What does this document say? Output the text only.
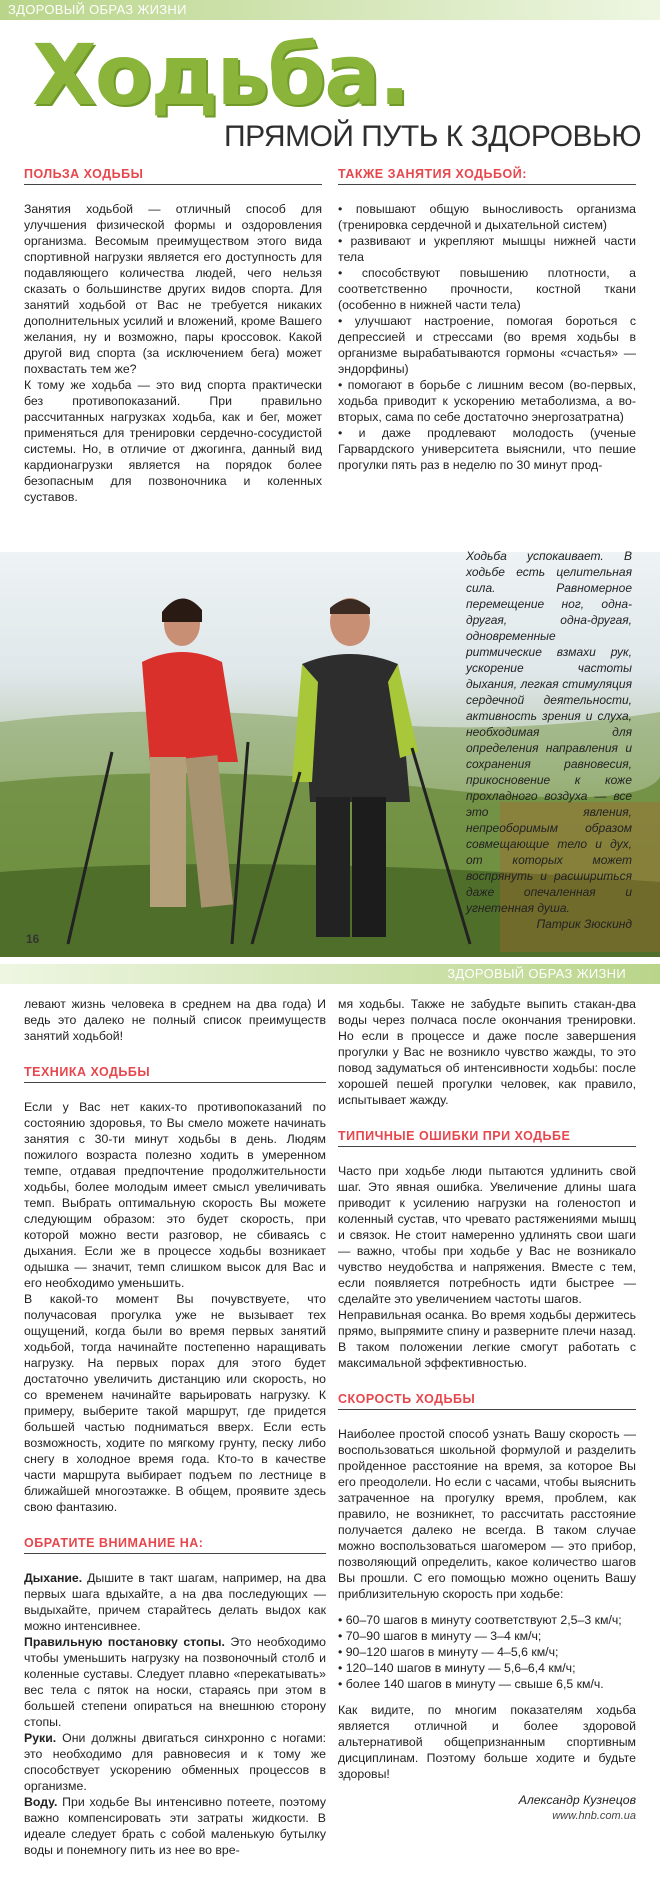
ЗДОРОВЫЙ ОБРАЗ ЖИЗНИ
Ходьба.
ПРЯМОЙ ПУТЬ К ЗДОРОВЬЮ
ПОЛЬЗА ХОДЬБЫ

Занятия ходьбой — отличный способ для улучшения физической формы и оздоровления организма. Весомым преимуществом этого вида спортивной нагрузки является его доступность для подавляющего количества людей, чего нельзя сказать о большинстве других видов спорта. Для занятий ходьбой от Вас не требуется никаких дополнительных усилий и вложений, кроме Вашего желания, ну и возможно, пары кроссовок. Какой другой вид спорта (за исключением бега) может похвастать тем же?

К тому же ходьба — это вид спорта практически без противопоказаний. При правильно рассчитанных нагрузках ходьба, как и бег, может применяться для тренировки сердечно-сосудистой системы. Но, в отличие от джогинга, данный вид кардионагрузки является на порядок более безопасным для позвоночника и коленных суставов.

ТАКЖЕ ЗАНЯТИЯ ХОДЬБОЙ:
• повышают общую выносливость организма (тренировка сердечной и дыхательной систем)
• развивают и укрепляют мышцы нижней части тела
• способствуют повышению плотности, а соответственно прочности, костной ткани (особенно в нижней части тела)
• улучшают настроение, помогая бороться с депрессией и стрессами (во время ходьбы в организме вырабатываются гормоны «счастья» — эндорфины)
• помогают в борьбе с лишним весом (во-первых, ходьба приводит к ускорению метаболизма, а во-вторых, сама по себе достаточно энергозатратна)
• и даже продлевают молодость (ученые Гарвардского университета выяснили, что пешие прогулки пять раз в неделю по 30 минут прод-
Ходьба успокаивает. В ходьбе есть целительная сила. Равномерное перемещение ног, одна-другая, одна-другая, одновременные ритмические взмахи рук, ускорение частоты дыхания, легкая стимуляция сердечной деятельности, активность зрения и слуха, необходимая для определения направления и сохранения равновесия, прикосновение к коже прохладного воздуха — все это явления, непреоборимым образом совмещающие тело и дух, от которых может воспрянуть и расшириться даже опечаленная и угнетенная душа.
Патрик Зюскинд
16
ЗДОРОВЫЙ ОБРАЗ ЖИЗНИ

левают жизнь человека в среднем на два года) И ведь это далеко не полный список преимуществ занятий ходьбой!

ТЕХНИКА ХОДЬБЫ

Если у Вас нет каких-то противопоказаний по состоянию здоровья, то Вы смело можете начинать занятия с 30-ти минут ходьбы в день. Людям пожилого возраста полезно ходить в умеренном темпе, отдавая предпочтение продолжительности ходьбы, более молодым имеет смысл увеличивать темп. Выбрать оптимальную скорость Вы можете следующим образом: это будет скорость, при которой можно вести разговор, не сбиваясь с дыхания. Если же в процессе ходьбы возникает одышка — значит, темп слишком высок для Вас и его необходимо уменьшить.

В какой-то момент Вы почувствуете, что получасовая прогулка уже не вызывает тех ощущений, когда были во время первых занятий ходьбой, тогда начинайте постепенно наращивать нагрузку. На первых порах для этого будет достаточно увеличить дистанцию или скорость, но со временем начинайте варьировать нагрузку. К примеру, выберите такой маршрут, где придется большей частью подниматься вверх. Если есть возможность, ходите по мягкому грунту, песку либо снегу в холодное время года. Кто-то в качестве части маршрута выбирает подъем по лестнице в ближайшей многоэтажке. В общем, проявите здесь свою фантазию.

ОБРАТИТЕ ВНИМАНИЕ НА:

Дыхание. Дышите в такт шагам, например, на два первых шага вдыхайте, а на два последующих — выдыхайте, причем старайтесь делать выдох как можно интенсивнее.

Правильную постановку стопы. Это необходимо чтобы уменьшить нагрузку на позвоночный столб и коленные суставы. Следует плавно «перекатывать» вес тела с пяток на носки, стараясь при этом в большей степени опираться на внешнюю сторону стопы.

Руки. Они должны двигаться синхронно с ногами: это необходимо для равновесия и к тому же способствует ускорению обменных процессов в организме.

Воду. При ходьбе Вы интенсивно потеете, поэтому важно компенсировать эти затраты жидкости. В идеале следует брать с собой маленькую бутылку воды и понемногу пить из нее во вре-

мя ходьбы. Также не забудьте выпить стакан-два воды через полчаса после окончания тренировки. Но если в процессе и даже после завершения прогулки у Вас не возникло чувство жажды, то это повод задуматься об интенсивности ходьбы: после хорошей пешей прогулки человек, как правило, испытывает жажду.

ТИПИЧНЫЕ ОШИБКИ ПРИ ХОДЬБЕ

Часто при ходьбе люди пытаются удлинить свой шаг. Это явная ошибка. Увеличение длины шага приводит к усилению нагрузки на голеностоп и коленный сустав, что чревато растяжениями мышц и связок. Не стоит намеренно удлинять свои шаги — важно, чтобы при ходьбе у Вас не возникало чувство неудобства и напряжения. Вместе с тем, если появляется потребность идти быстрее — сделайте это увеличением частоты шагов.

Неправильная осанка. Во время ходьбы держитесь прямо, выпрямите спину и разверните плечи назад. В таком положении легкие смогут работать с максимальной эффективностью.

СКОРОСТЬ ХОДЬБЫ

Наиболее простой способ узнать Вашу скорость — воспользоваться школьной формулой и разделить пройденное расстояние на время, за которое Вы его преодолели. Но если с часами, чтобы выяснить затраченное на прогулку время, проблем, как правило, не возникнет, то рассчитать расстояние получается далеко не всегда. В таком случае можно воспользоваться шагомером — это прибор, позволяющий определить, какое количество шагов Вы прошли. С его помощью можно оценить Вашу приблизительную скорость при ходьбе:

• 60–70 шагов в минуту соответствуют 2,5–3 км/ч;
• 70–90 шагов в минуту — 3–4 км/ч;
• 90–120 шагов в минуту — 4–5,6 км/ч;
• 120–140 шагов в минуту — 5,6–6,4 км/ч;
• более 140 шагов в минуту — свыше 6,5 км/ч.

Как видите, по многим показателям ходьба является отличной и более здоровой альтернативой общепризнанным спортивным дисциплинам. Поэтому больше ходите и будьте здоровы!

Александр Кузнецов
www.hnb.com.ua
